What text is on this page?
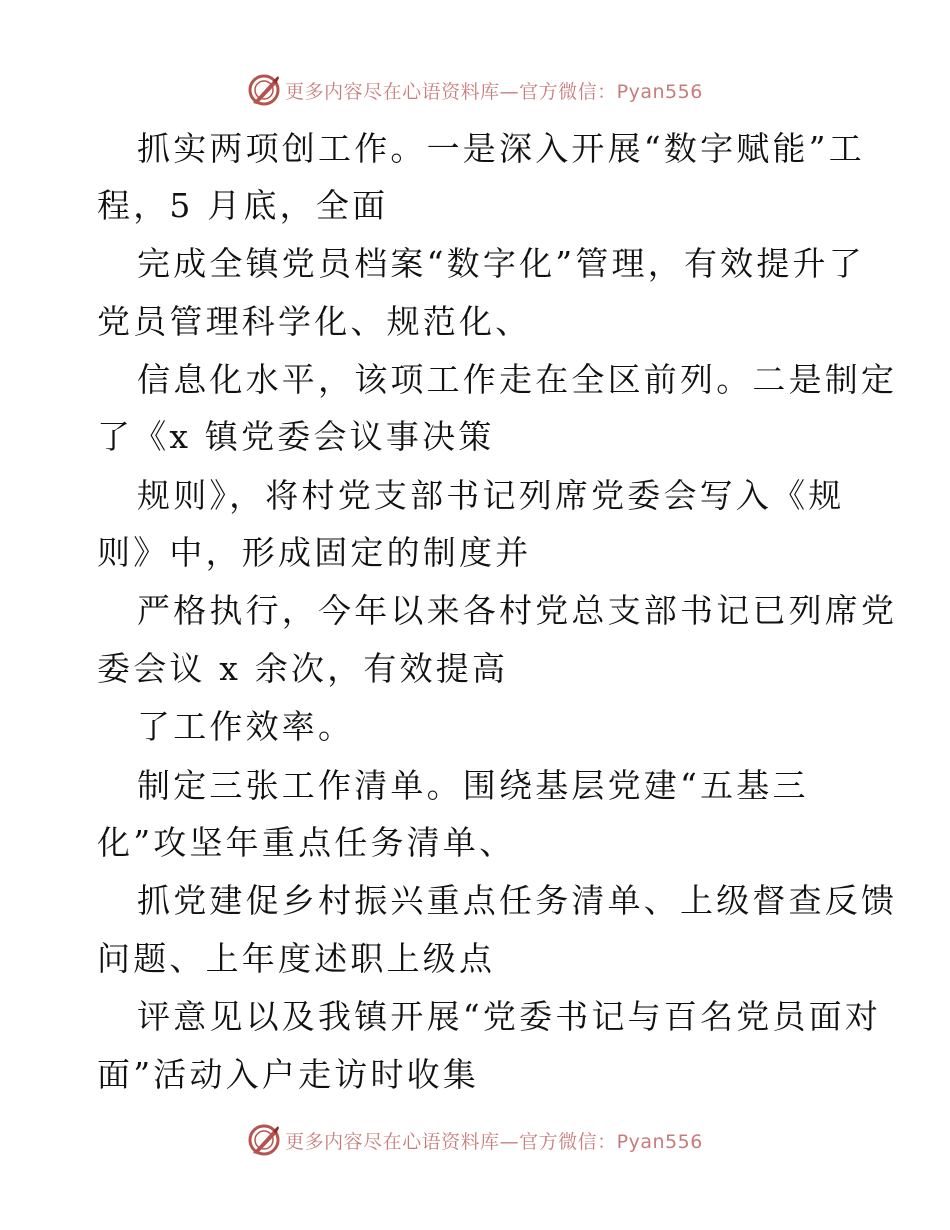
更多内容尽在心语资料库—官方微信：Pyan556
抓实两项创工作。一是深入开展“数字赋能”工
程，5 月底，全面
完成全镇党员档案“数字化”管理，有效提升了
党员管理科学化、规范化、
信息化水平，该项工作走在全区前列。二是制定
了《x 镇党委会议事决策
规则》，将村党支部书记列席党委会写入《规
则》中，形成固定的制度并
严格执行，今年以来各村党总支部书记已列席党
委会议 x 余次，有效提高
了工作效率。
制定三张工作清单。围绕基层党建“五基三
化”攻坚年重点任务清单、
抓党建促乡村振兴重点任务清单、上级督查反馈
问题、上年度述职上级点
评意见以及我镇开展“党委书记与百名党员面对
面”活动入户走访时收集
更多内容尽在心语资料库—官方微信：Pyan556
